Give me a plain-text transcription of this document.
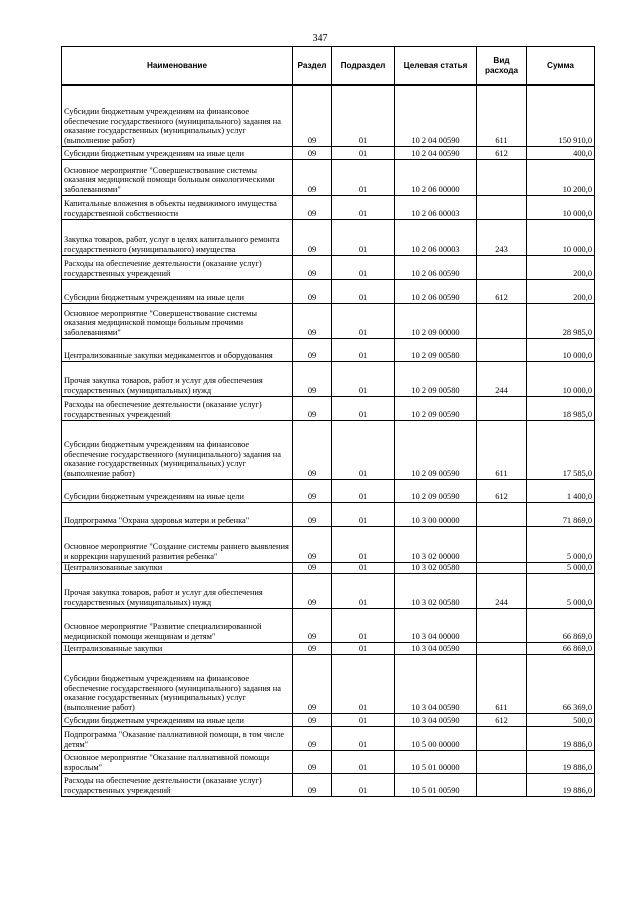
347
Наименование	Раздел	Подраздел	Целевая статья	Вид расхода	Сумма
Субсидии бюджетным учреждениям на финансовое обеспечение государственного (муниципального) задания на оказание государственных (муниципальных) услуг (выполнение работ)	09	01	10 2 04 00590	611	150 910,0
Субсидии бюджетным учреждениям на иные цели	09	01	10 2 04 00590	612	400,0
Основное мероприятие "Совершенствование системы оказания медицинской помощи больным онкологическими заболеваниями"	09	01	10 2 06 00000		10 200,0
Капитальные вложения в объекты недвижимого имущества государственной собственности	09	01	10 2 06 00003		10 000,0
Закупка товаров, работ, услуг в целях капитального ремонта государственного (муниципального) имущества	09	01	10 2 06 00003	243	10 000,0
Расходы на обеспечение деятельности (оказание услуг) государственных учреждений	09	01	10 2 06 00590		200,0
Субсидии бюджетным учреждениям на иные цели	09	01	10 2 06 00590	612	200,0
Основное мероприятие "Совершенствование системы оказания медицинской помощи больным прочими заболеваниями"	09	01	10 2 09 00000		28 985,0
Централизованные закупки медикаментов и оборудования	09	01	10 2 09 00580		10 000,0
Прочая закупка товаров, работ и услуг для обеспечения государственных (муниципальных) нужд	09	01	10 2 09 00580	244	10 000,0
Расходы на обеспечение деятельности (оказание услуг) государственных учреждений	09	01	10 2 09 00590		18 985,0
Субсидии бюджетным учреждениям на финансовое обеспечение государственного (муниципального) задания на оказание государственных (муниципальных) услуг (выполнение работ)	09	01	10 2 09 00590	611	17 585,0
Субсидии бюджетным учреждениям на иные цели	09	01	10 2 09 00590	612	1 400,0
Подпрограмма "Охрана здоровья матери и ребенка"	09	01	10 3 00 00000		71 869,0
Основное мероприятие "Создание системы раннего выявления и коррекции нарушений развития ребенка"	09	01	10 3 02 00000		5 000,0
Централизованные закупки	09	01	10 3 02 00580		5 000,0
Прочая закупка товаров, работ и услуг для обеспечения государственных (муниципальных) нужд	09	01	10 3 02 00580	244	5 000,0
Основное мероприятие "Развитие специализированной медицинской помощи женщинам и детям"	09	01	10 3 04 00000		66 869,0
Централизованные закупки	09	01	10 3 04 00590		66 869,0
Субсидии бюджетным учреждениям на финансовое обеспечение государственного (муниципального) задания на оказание государственных (муниципальных) услуг (выполнение работ)	09	01	10 3 04 00590	611	66 369,0
Субсидии бюджетным учреждениям на иные цели	09	01	10 3 04 00590	612	500,0
Подпрограмма "Оказание паллиативной помощи, в том числе детям"	09	01	10 5 00 00000		19 886,0
Основное мероприятие "Оказание паллиативной помощи взрослым"	09	01	10 5 01 00000		19 886,0
Расходы на обеспечение деятельности (оказание услуг) государственных учреждений	09	01	10 5 01 00590		19 886,0
